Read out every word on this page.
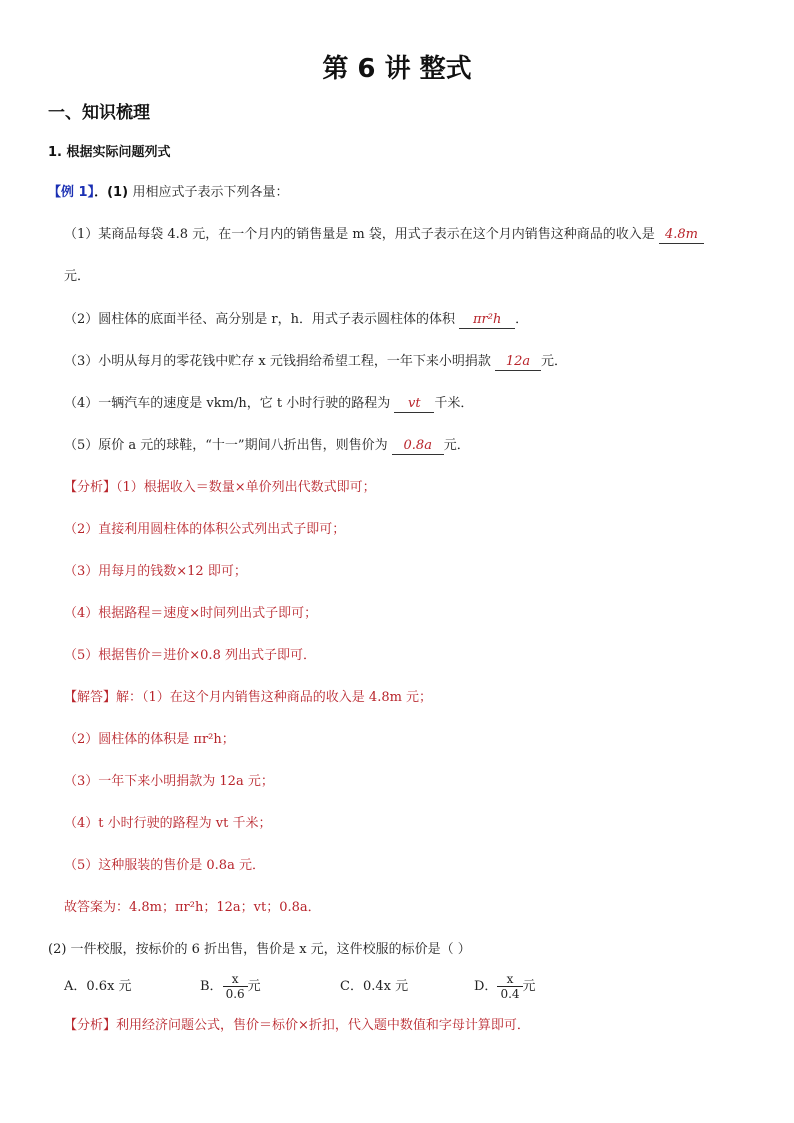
第 6 讲 整式
一、知识梳理
1. 根据实际问题列式
【例 1】．(1) 用相应式子表示下列各量：
（1）某商品每袋 4.8 元，在一个月内的销售量是 m 袋，用式子表示在这个月内销售这种商品的收入是 4.8m
元．
（2）圆柱体的底面半径、高分别是 r，h．用式子表示圆柱体的体积 πr²h ．
（3）小明从每月的零花钱中贮存 x 元钱捐给希望工程，一年下来小明捐款 12a 元．
（4）一辆汽车的速度是 vkm/h，它 t 小时行驶的路程为 vt 千米．
（5）原价 a 元的球鞋，“十一”期间八折出售，则售价为 0.8a 元．
【分析】（1）根据收入＝数量×单价列出代数式即可；
（2）直接利用圆柱体的体积公式列出式子即可；
（3）用每月的钱数×12 即可；
（4）根据路程＝速度×时间列出式子即可；
（5）根据售价＝进价×0.8 列出式子即可．
【解答】解：（1）在这个月内销售这种商品的收入是 4.8m 元；
（2）圆柱体的体积是 πr²h；
（3）一年下来小明捐款为 12a 元；
（4）t 小时行驶的路程为 vt 千米；
（5）这种服装的售价是 0.8a 元．
故答案为：4.8m；πr²h；12a；vt；0.8a．
(2) 一件校服，按标价的 6 折出售，售价是 x 元，这件校服的标价是（ ）
A．0.6x 元	B． $\frac{x}{0.6}$ 元	C．0.4x 元	D． $\frac{x}{0.4}$ 元
【分析】利用经济问题公式，售价＝标价×折扣，代入题中数值和字母计算即可．
